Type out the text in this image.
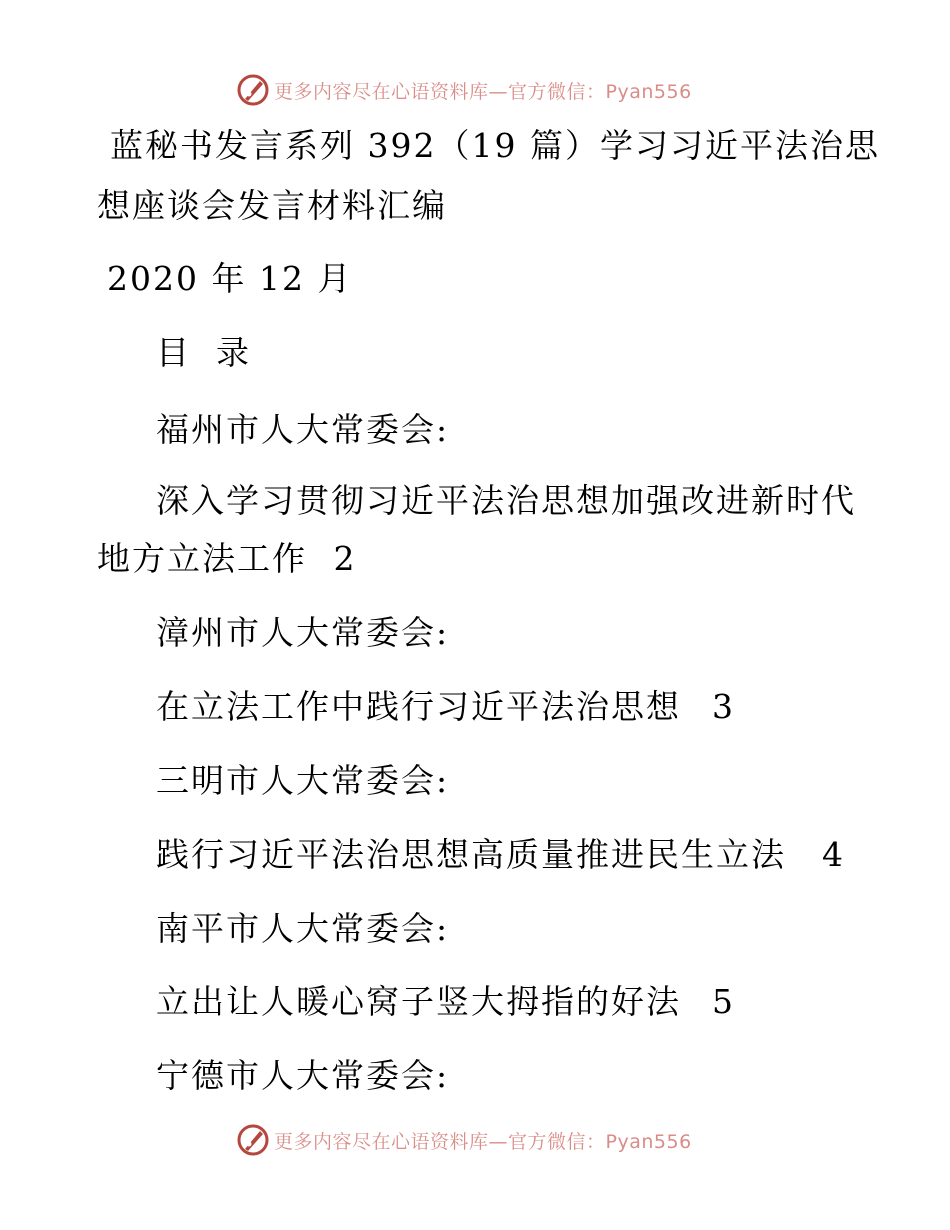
更多内容尽在心语资料库—官方微信：Pyan556
蓝秘书发言系列 392（19 篇）学习习近平法治思
想座谈会发言材料汇编
2020 年 12 月
目  录
福州市人大常委会:
深入学习贯彻习近平法治思想加强改进新时代
地方立法工作 2
漳州市人大常委会:
在立法工作中践行习近平法治思想 3
三明市人大常委会:
践行习近平法治思想高质量推进民生立法 4
南平市人大常委会:
立出让人暖心窝子竖大拇指的好法 5
宁德市人大常委会:
更多内容尽在心语资料库—官方微信：Pyan556
